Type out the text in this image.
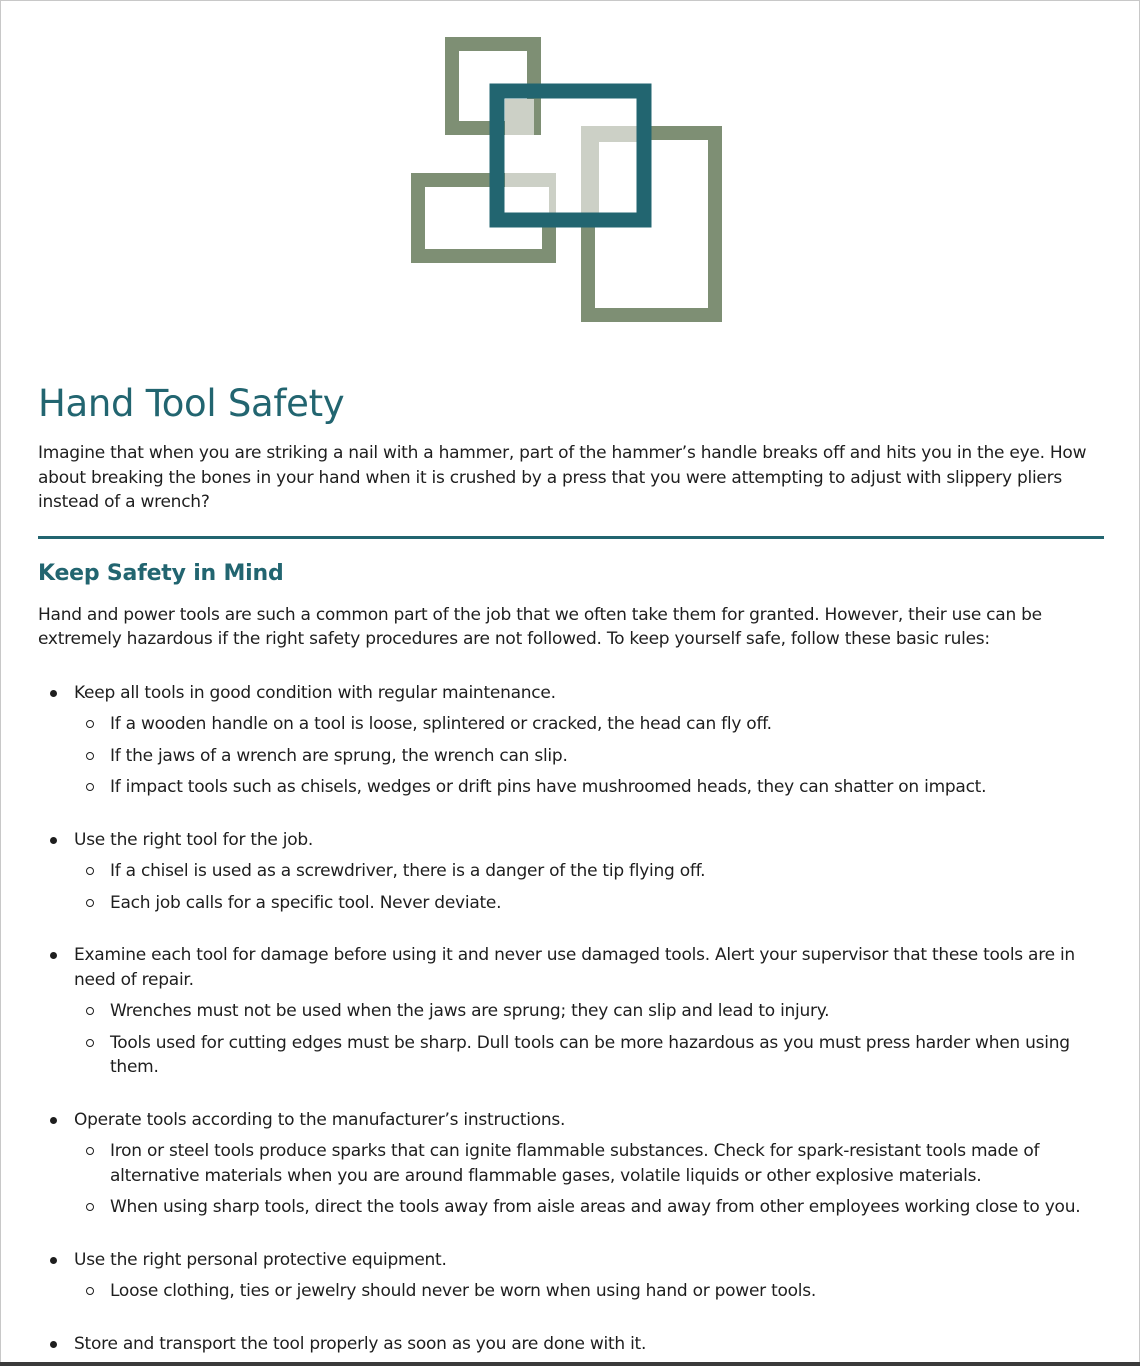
Hand Tool Safety

Imagine that when you are striking a nail with a hammer, part of the hammer’s handle breaks off and hits you in the eye. How about breaking the bones in your hand when it is crushed by a press that you were attempting to adjust with slippery pliers instead of a wrench?

Keep Safety in Mind

Hand and power tools are such a common part of the job that we often take them for granted. However, their use can be extremely hazardous if the right safety procedures are not followed. To keep yourself safe, follow these basic rules:

Keep all tools in good condition with regular maintenance.
If a wooden handle on a tool is loose, splintered or cracked, the head can fly off.
If the jaws of a wrench are sprung, the wrench can slip.
If impact tools such as chisels, wedges or drift pins have mushroomed heads, they can shatter on impact.
Use the right tool for the job.
If a chisel is used as a screwdriver, there is a danger of the tip flying off.
Each job calls for a specific tool. Never deviate.
Examine each tool for damage before using it and never use damaged tools. Alert your supervisor that these tools are in need of repair.
Wrenches must not be used when the jaws are sprung; they can slip and lead to injury.
Tools used for cutting edges must be sharp. Dull tools can be more hazardous as you must press harder when using them.
Operate tools according to the manufacturer’s instructions.
Iron or steel tools produce sparks that can ignite flammable substances. Check for spark-resistant tools made of alternative materials when you are around flammable gases, volatile liquids or other explosive materials.
When using sharp tools, direct the tools away from aisle areas and away from other employees working close to you.
Use the right personal protective equipment.
Loose clothing, ties or jewelry should never be worn when using hand or power tools.
Store and transport the tool properly as soon as you are done with it.
